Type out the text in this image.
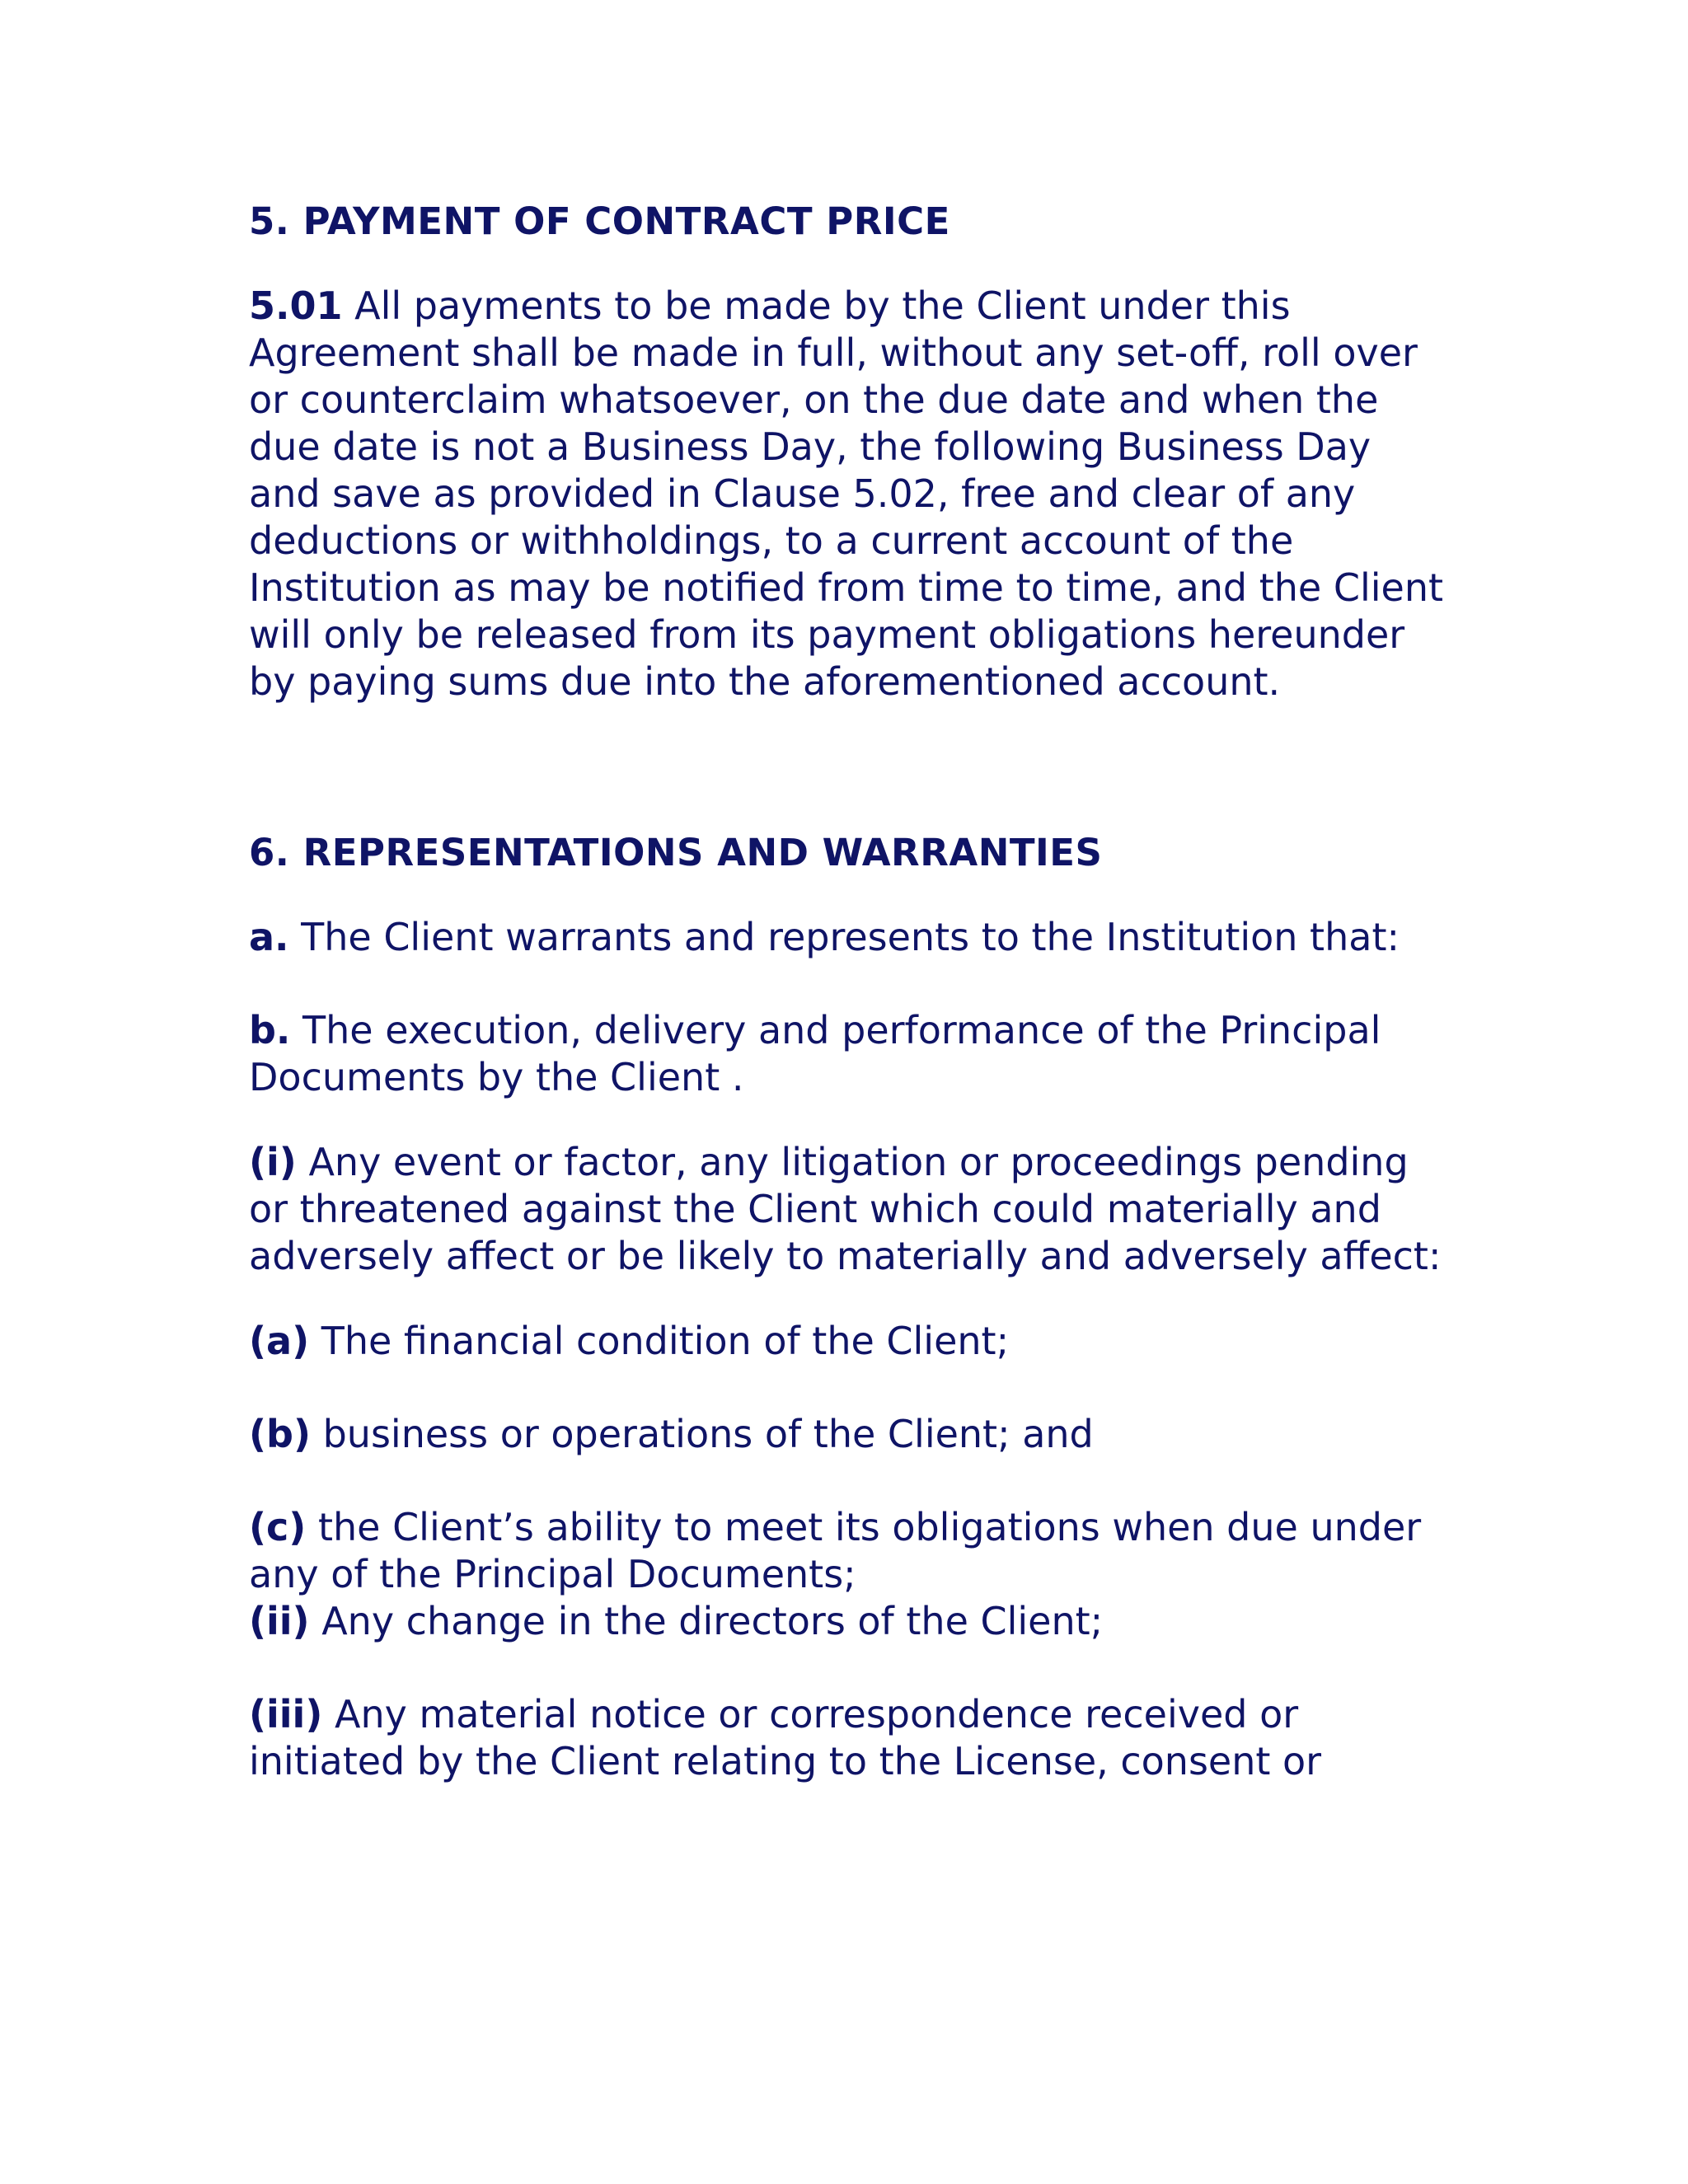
5. PAYMENT OF CONTRACT PRICE

5.01 All payments to be made by the Client under this Agreement shall be made in full, without any set-off, roll over or counterclaim whatsoever, on the due date and when the due date is not a Business Day, the following Business Day and save as provided in Clause 5.02, free and clear of any deductions or withholdings, to a current account of the Institution as may be notified from time to time, and the Client will only be released from its payment obligations hereunder by paying sums due into the aforementioned account.

6. REPRESENTATIONS AND WARRANTIES

a. The Client warrants and represents to the Institution that:

b. The execution, delivery and performance of the Principal Documents by the Client .

(i) Any event or factor, any litigation or proceedings pending or threatened against the Client which could materially and adversely affect or be likely to materially and adversely affect:

(a) The financial condition of the Client;

(b) business or operations of the Client; and

(c) the Client’s ability to meet its obligations when due under any of the Principal Documents;

(ii) Any change in the directors of the Client;

(iii) Any material notice or correspondence received or initiated by the Client relating to the License, consent or
